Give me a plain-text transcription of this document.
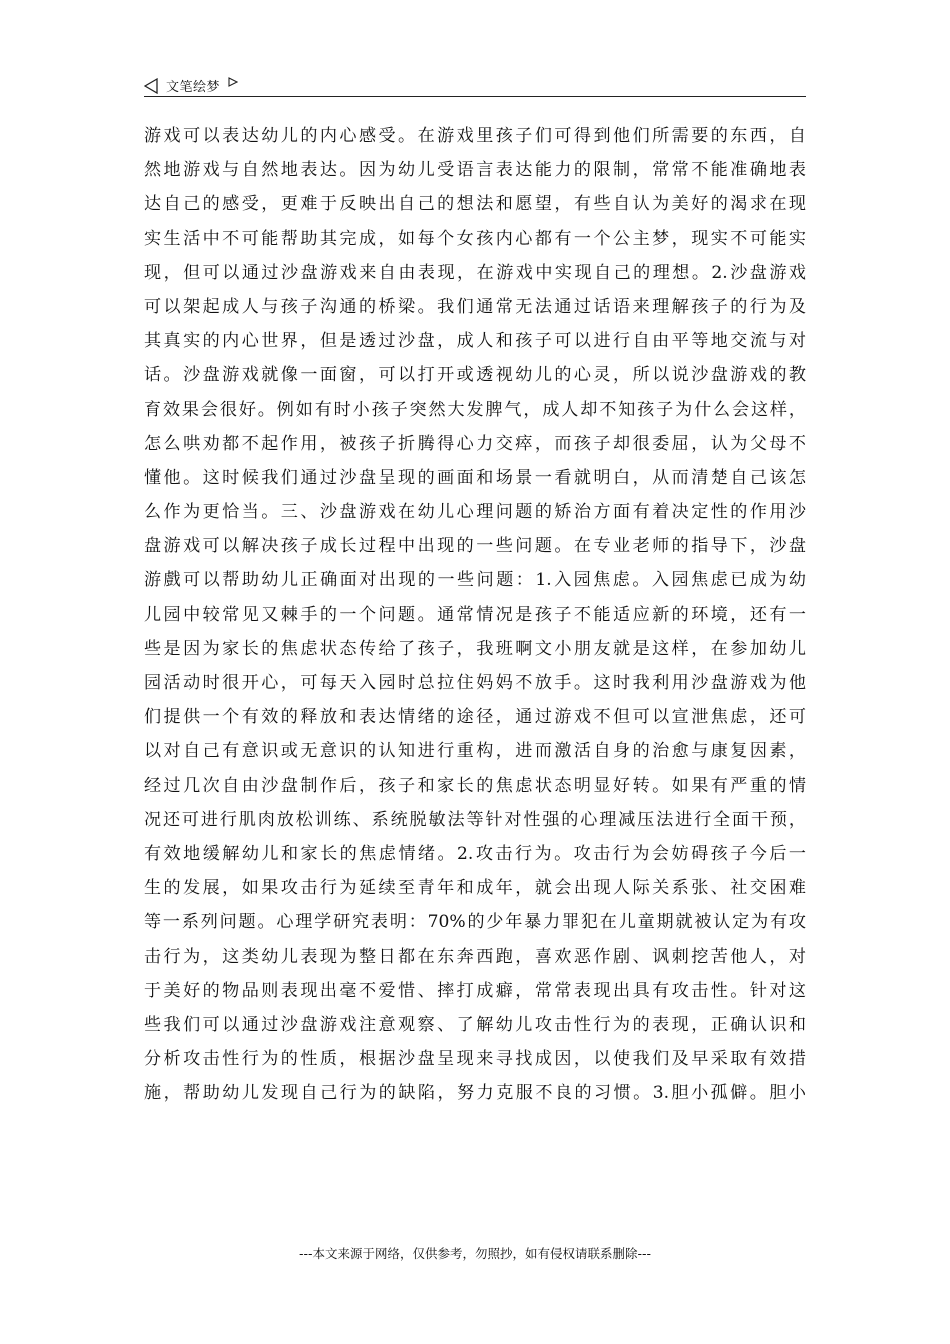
文笔绘梦
游戏可以表达幼儿的内心感受。在游戏里孩子们可得到他们所需要的东西，自
然地游戏与自然地表达。因为幼儿受语言表达能力的限制，常常不能准确地表
达自己的感受，更难于反映出自己的想法和愿望，有些自认为美好的渴求在现
实生活中不可能帮助其完成，如每个女孩内心都有一个公主梦，现实不可能实
现，但可以通过沙盘游戏来自由表现，在游戏中实现自己的理想。2.沙盘游戏
可以架起成人与孩子沟通的桥梁。我们通常无法通过话语来理解孩子的行为及
其真实的内心世界，但是透过沙盘，成人和孩子可以进行自由平等地交流与对
话。沙盘游戏就像一面窗，可以打开或透视幼儿的心灵，所以说沙盘游戏的教
育效果会很好。例如有时小孩子突然大发脾气，成人却不知孩子为什么会这样，
怎么哄劝都不起作用，被孩子折腾得心力交瘁，而孩子却很委屈，认为父母不
懂他。这时候我们通过沙盘呈现的画面和场景一看就明白，从而清楚自己该怎
么作为更恰当。三、沙盘游戏在幼儿心理问题的矫治方面有着决定性的作用沙
盘游戏可以解决孩子成长过程中出现的一些问题。在专业老师的指导下，沙盘
游戲可以帮助幼儿正确面对出现的一些问题：1.入园焦虑。入园焦虑已成为幼
儿园中较常见又棘手的一个问题。通常情况是孩子不能适应新的环境，还有一
些是因为家长的焦虑状态传给了孩子，我班啊文小朋友就是这样，在参加幼儿
园活动时很开心，可每天入园时总拉住妈妈不放手。这时我利用沙盘游戏为他
们提供一个有效的释放和表达情绪的途径，通过游戏不但可以宣泄焦虑，还可
以对自己有意识或无意识的认知进行重构，进而激活自身的治愈与康复因素，
经过几次自由沙盘制作后，孩子和家长的焦虑状态明显好转。如果有严重的情
况还可进行肌肉放松训练、系统脱敏法等针对性强的心理减压法进行全面干预，
有效地缓解幼儿和家长的焦虑情绪。2.攻击行为。攻击行为会妨碍孩子今后一
生的发展，如果攻击行为延续至青年和成年，就会出现人际关系张、社交困难
等一系列问题。心理学研究表明：70%的少年暴力罪犯在儿童期就被认定为有攻
击行为，这类幼儿表现为整日都在东奔西跑，喜欢恶作剧、讽刺挖苦他人，对
于美好的物品则表现出毫不爱惜、摔打成癖，常常表现出具有攻击性。针对这
些我们可以通过沙盘游戏注意观察、了解幼儿攻击性行为的表现，正确认识和
分析攻击性行为的性质，根据沙盘呈现来寻找成因，以使我们及早采取有效措
施，帮助幼儿发现自己行为的缺陷，努力克服不良的习惯。3.胆小孤僻。胆小
---本文来源于网络，仅供参考，勿照抄，如有侵权请联系删除---
